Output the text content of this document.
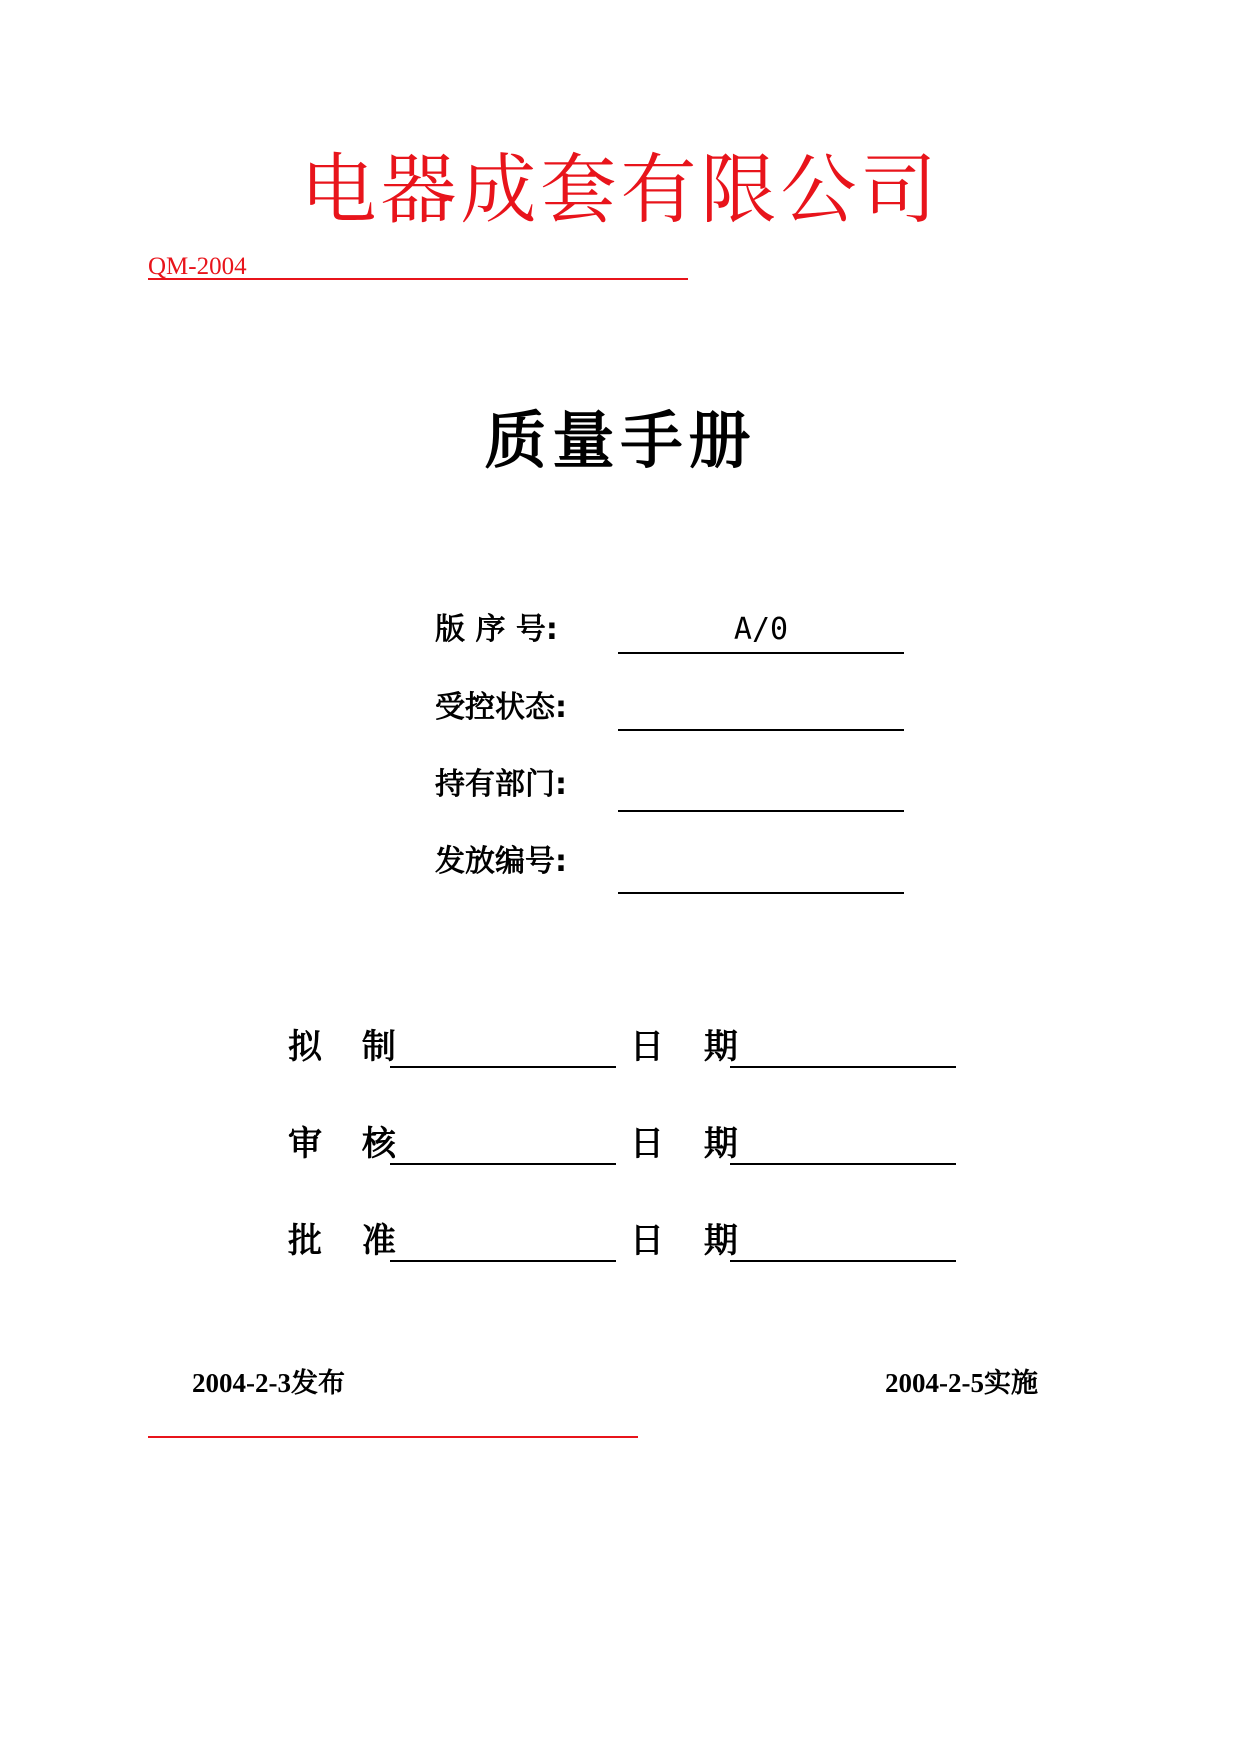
电器成套有限公司
QM-2004
质量手册
版 序 号:	A/0
受控状态:
持有部门:
发放编号:
拟 制	日 期
审 核	日 期
批 准	日 期
2004-2-3发布	2004-2-5实施
